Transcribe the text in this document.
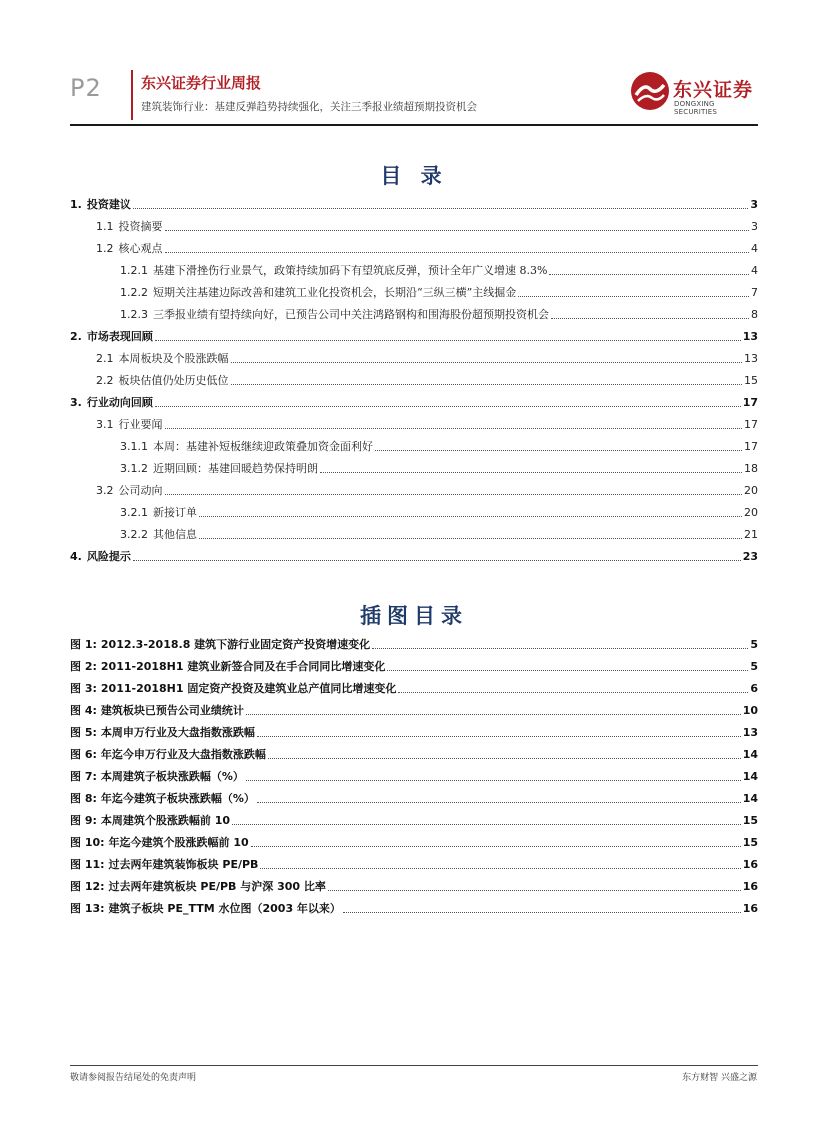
P2	东兴证券行业周报
建筑装饰行业：基建反弹趋势持续强化，关注三季报业绩超预期投资机会
东兴证券
DONGXING SECURITIES
目 录
1. 投资建议	3
1.1 投资摘要	3
1.2 核心观点	4
1.2.1 基建下滑挫伤行业景气，政策持续加码下有望筑底反弹，预计全年广义增速 8.3%	4
1.2.2 短期关注基建边际改善和建筑工业化投资机会，长期沿“三纵三横”主线掘金	7
1.2.3 三季报业绩有望持续向好，已预告公司中关注鸿路钢构和围海股份超预期投资机会	8
2. 市场表现回顾	13
2.1 本周板块及个股涨跌幅	13
2.2 板块估值仍处历史低位	15
3. 行业动向回顾	17
3.1 行业要闻	17
3.1.1 本周：基建补短板继续迎政策叠加资金面利好	17
3.1.2 近期回顾：基建回暖趋势保持明朗	18
3.2 公司动向	20
3.2.1 新接订单	20
3.2.2 其他信息	21
4. 风险提示	23
插图目录
图 1: 2012.3-2018.8 建筑下游行业固定资产投资增速变化	5
图 2: 2011-2018H1 建筑业新签合同及在手合同同比增速变化	5
图 3: 2011-2018H1 固定资产投资及建筑业总产值同比增速变化	6
图 4: 建筑板块已预告公司业绩统计	10
图 5: 本周申万行业及大盘指数涨跌幅	13
图 6: 年迄今申万行业及大盘指数涨跌幅	14
图 7: 本周建筑子板块涨跌幅（%）	14
图 8: 年迄今建筑子板块涨跌幅（%）	14
图 9: 本周建筑个股涨跌幅前 10	15
图 10: 年迄今建筑个股涨跌幅前 10	15
图 11: 过去两年建筑装饰板块 PE/PB	16
图 12: 过去两年建筑板块 PE/PB 与沪深 300 比率	16
图 13: 建筑子板块 PE_TTM 水位图（2003 年以来）	16
敬请参阅报告结尾处的免责声明	东方财智 兴盛之源
